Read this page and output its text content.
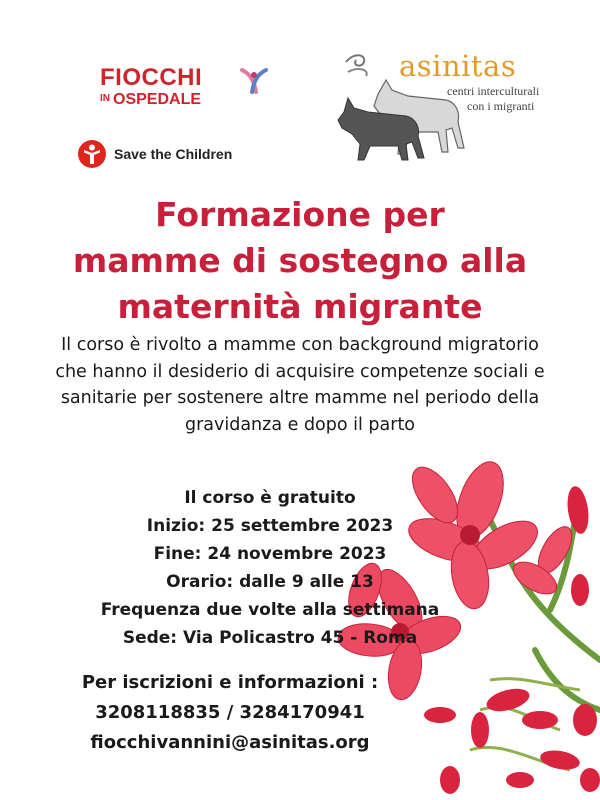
FIOCCHI
IN OSPEDALE
Save the Children
asinitas
centri interculturali
con i migranti
Formazione per
mamme di sostegno alla
maternità migrante
Il corso è rivolto a mamme con background migratorio che hanno il desiderio di acquisire competenze sociali e sanitarie per sostenere altre mamme nel periodo della gravidanza e dopo il parto
Il corso è gratuito
Inizio: 25 settembre 2023
Fine: 24 novembre 2023
Orario: dalle 9 alle 13
Frequenza due volte alla settimana
Sede: Via Policastro 45 - Roma
Per iscrizioni e informazioni :
3208118835 / 3284170941
fiocchivannini@asinitas.org
